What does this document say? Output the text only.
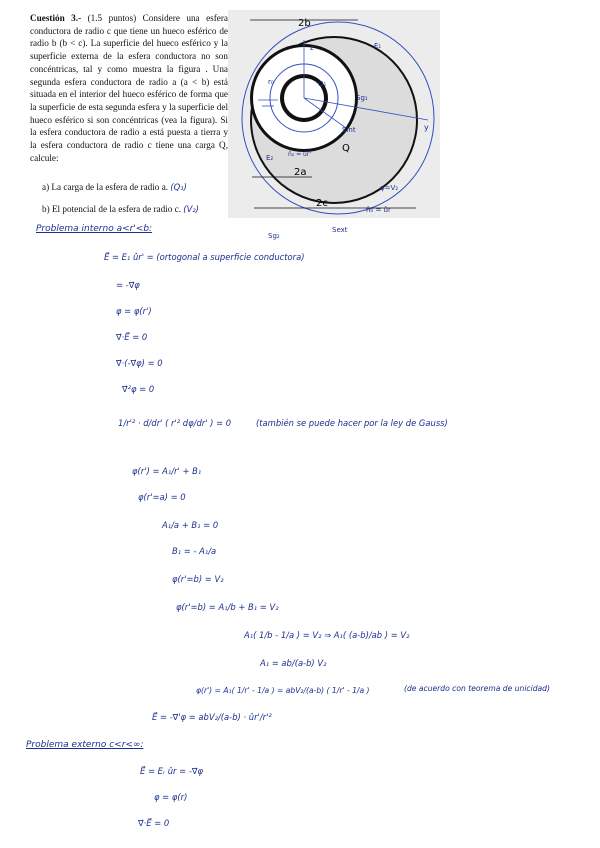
Cuestión 3.- (1.5 puntos) Considere una esfera conductora de radio c que tiene un hueco esférico de radio b (b < c). La superficie del hueco esférico y la superficie externa de la esfera conductora no son concéntricas, tal y como muestra la figura . Una segunda esfera conductora de radio a (a < b) está situada en el interior del hueco esférico de forma que la superficie de esta segunda esfera y la superficie del hueco esférico si son concéntricas (vea la figura). Si la esfera conductora de radio a está puesta a tierra y la esfera conductora de radio c tiene una carga Q, calcule:
a) La carga de la esfera de radio a. (Q₁)
b) El potencial de la esfera de radio c. (V₂)
2b
2a
2c
Q
Q₁
z'
y
Sg₁
Sg₂
Sint
Sext
φ=V₂
n̂₀ = ûr
E₁
E₂
r₀
n̂₂ = ûr'
Problema interno a<r'<b:
E⃗ = E₁ ûr' = (ortogonal a superficie conductora)
= -∇⃗φ
φ = φ(r')
∇⃗·E⃗ = 0
∇⃗·(-∇⃗φ) = 0
∇⃗²φ = 0
1/r'² · d/dr' ( r'² dφ/dr' ) = 0	(también se puede hacer por la ley de Gauss)
φ(r') = A₁/r' + B₁
φ(r'=a) = 0
A₁/a + B₁ = 0
B₁ = - A₁/a
φ(r'=b) = V₂
φ(r'=b) = A₁/b + B₁ = V₂
A₁( 1/b - 1/a ) = V₂ ⇒ A₁( (a-b)/ab ) = V₂
A₁ = ab/(a-b) V₂
φ(r') = A₁( 1/r' - 1/a ) = abV₂/(a-b) ( 1/r' - 1/a )	(de acuerdo con teorema de unicidad)
E⃗ = -∇⃗'φ = abV₂/(a-b) · ûr'/r'²
Problema externo c<r<∞:
E⃗ = Eᵣ ûr = -∇⃗φ
φ = φ(r)
∇⃗·E⃗ = 0
